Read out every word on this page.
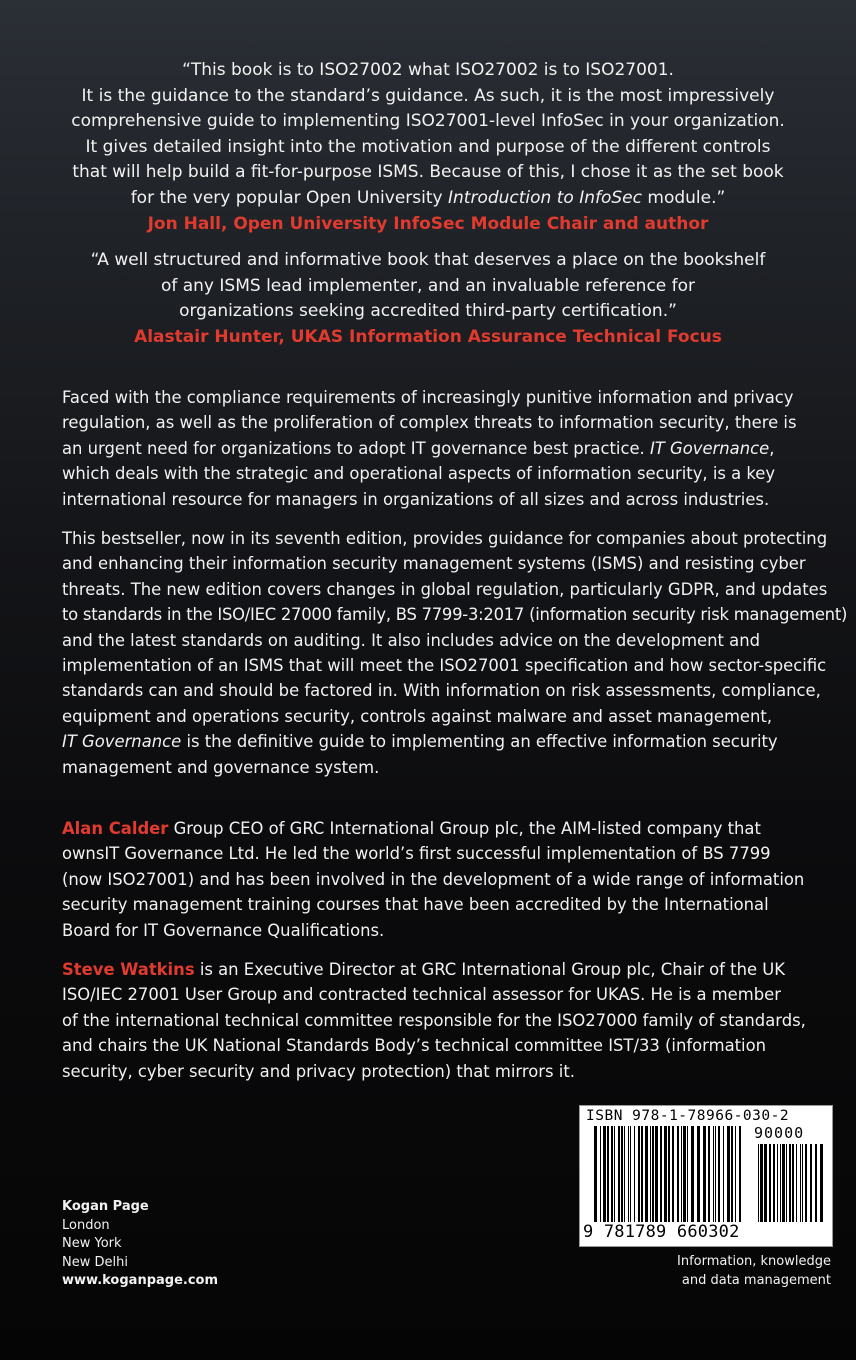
“This book is to ISO27002 what ISO27002 is to ISO27001.
It is the guidance to the standard’s guidance. As such, it is the most impressively
comprehensive guide to implementing ISO27001-level InfoSec in your organization.
It gives detailed insight into the motivation and purpose of the different controls
that will help build a fit-for-purpose ISMS. Because of this, I chose it as the set book
for the very popular Open University Introduction to InfoSec module.”
Jon Hall, Open University InfoSec Module Chair and author
“A well structured and informative book that deserves a place on the bookshelf
of any ISMS lead implementer, and an invaluable reference for
organizations seeking accredited third-party certification.”
Alastair Hunter, UKAS Information Assurance Technical Focus
Faced with the compliance requirements of increasingly punitive information and privacy
regulation, as well as the proliferation of complex threats to information security, there is
an urgent need for organizations to adopt IT governance best practice. IT Governance,
which deals with the strategic and operational aspects of information security, is a key
international resource for managers in organizations of all sizes and across industries.
This bestseller, now in its seventh edition, provides guidance for companies about protecting
and enhancing their information security management systems (ISMS) and resisting cyber
threats. The new edition covers changes in global regulation, particularly GDPR, and updates
to standards in the ISO/IEC 27000 family, BS 7799-3:2017 (information security risk management)
and the latest standards on auditing. It also includes advice on the development and
implementation of an ISMS that will meet the ISO27001 specification and how sector-specific
standards can and should be factored in. With information on risk assessments, compliance,
equipment and operations security, controls against malware and asset management,
IT Governance is the definitive guide to implementing an effective information security
management and governance system.
Alan Calder Group CEO of GRC International Group plc, the AIM-listed company that
ownsIT Governance Ltd. He led the world’s first successful implementation of BS 7799
(now ISO27001) and has been involved in the development of a wide range of information
security management training courses that have been accredited by the International
Board for IT Governance Qualifications.
Steve Watkins is an Executive Director at GRC International Group plc, Chair of the UK
ISO/IEC 27001 User Group and contracted technical assessor for UKAS. He is a member
of the international technical committee responsible for the ISO27000 family of standards,
and chairs the UK National Standards Body’s technical committee IST/33 (information
security, cyber security and privacy protection) that mirrors it.
Kogan Page
London
New York
New Delhi
www.koganpage.com
ISBN 978-1-78966-030-2
90000
9 781789 660302
Information, knowledge
and data management
